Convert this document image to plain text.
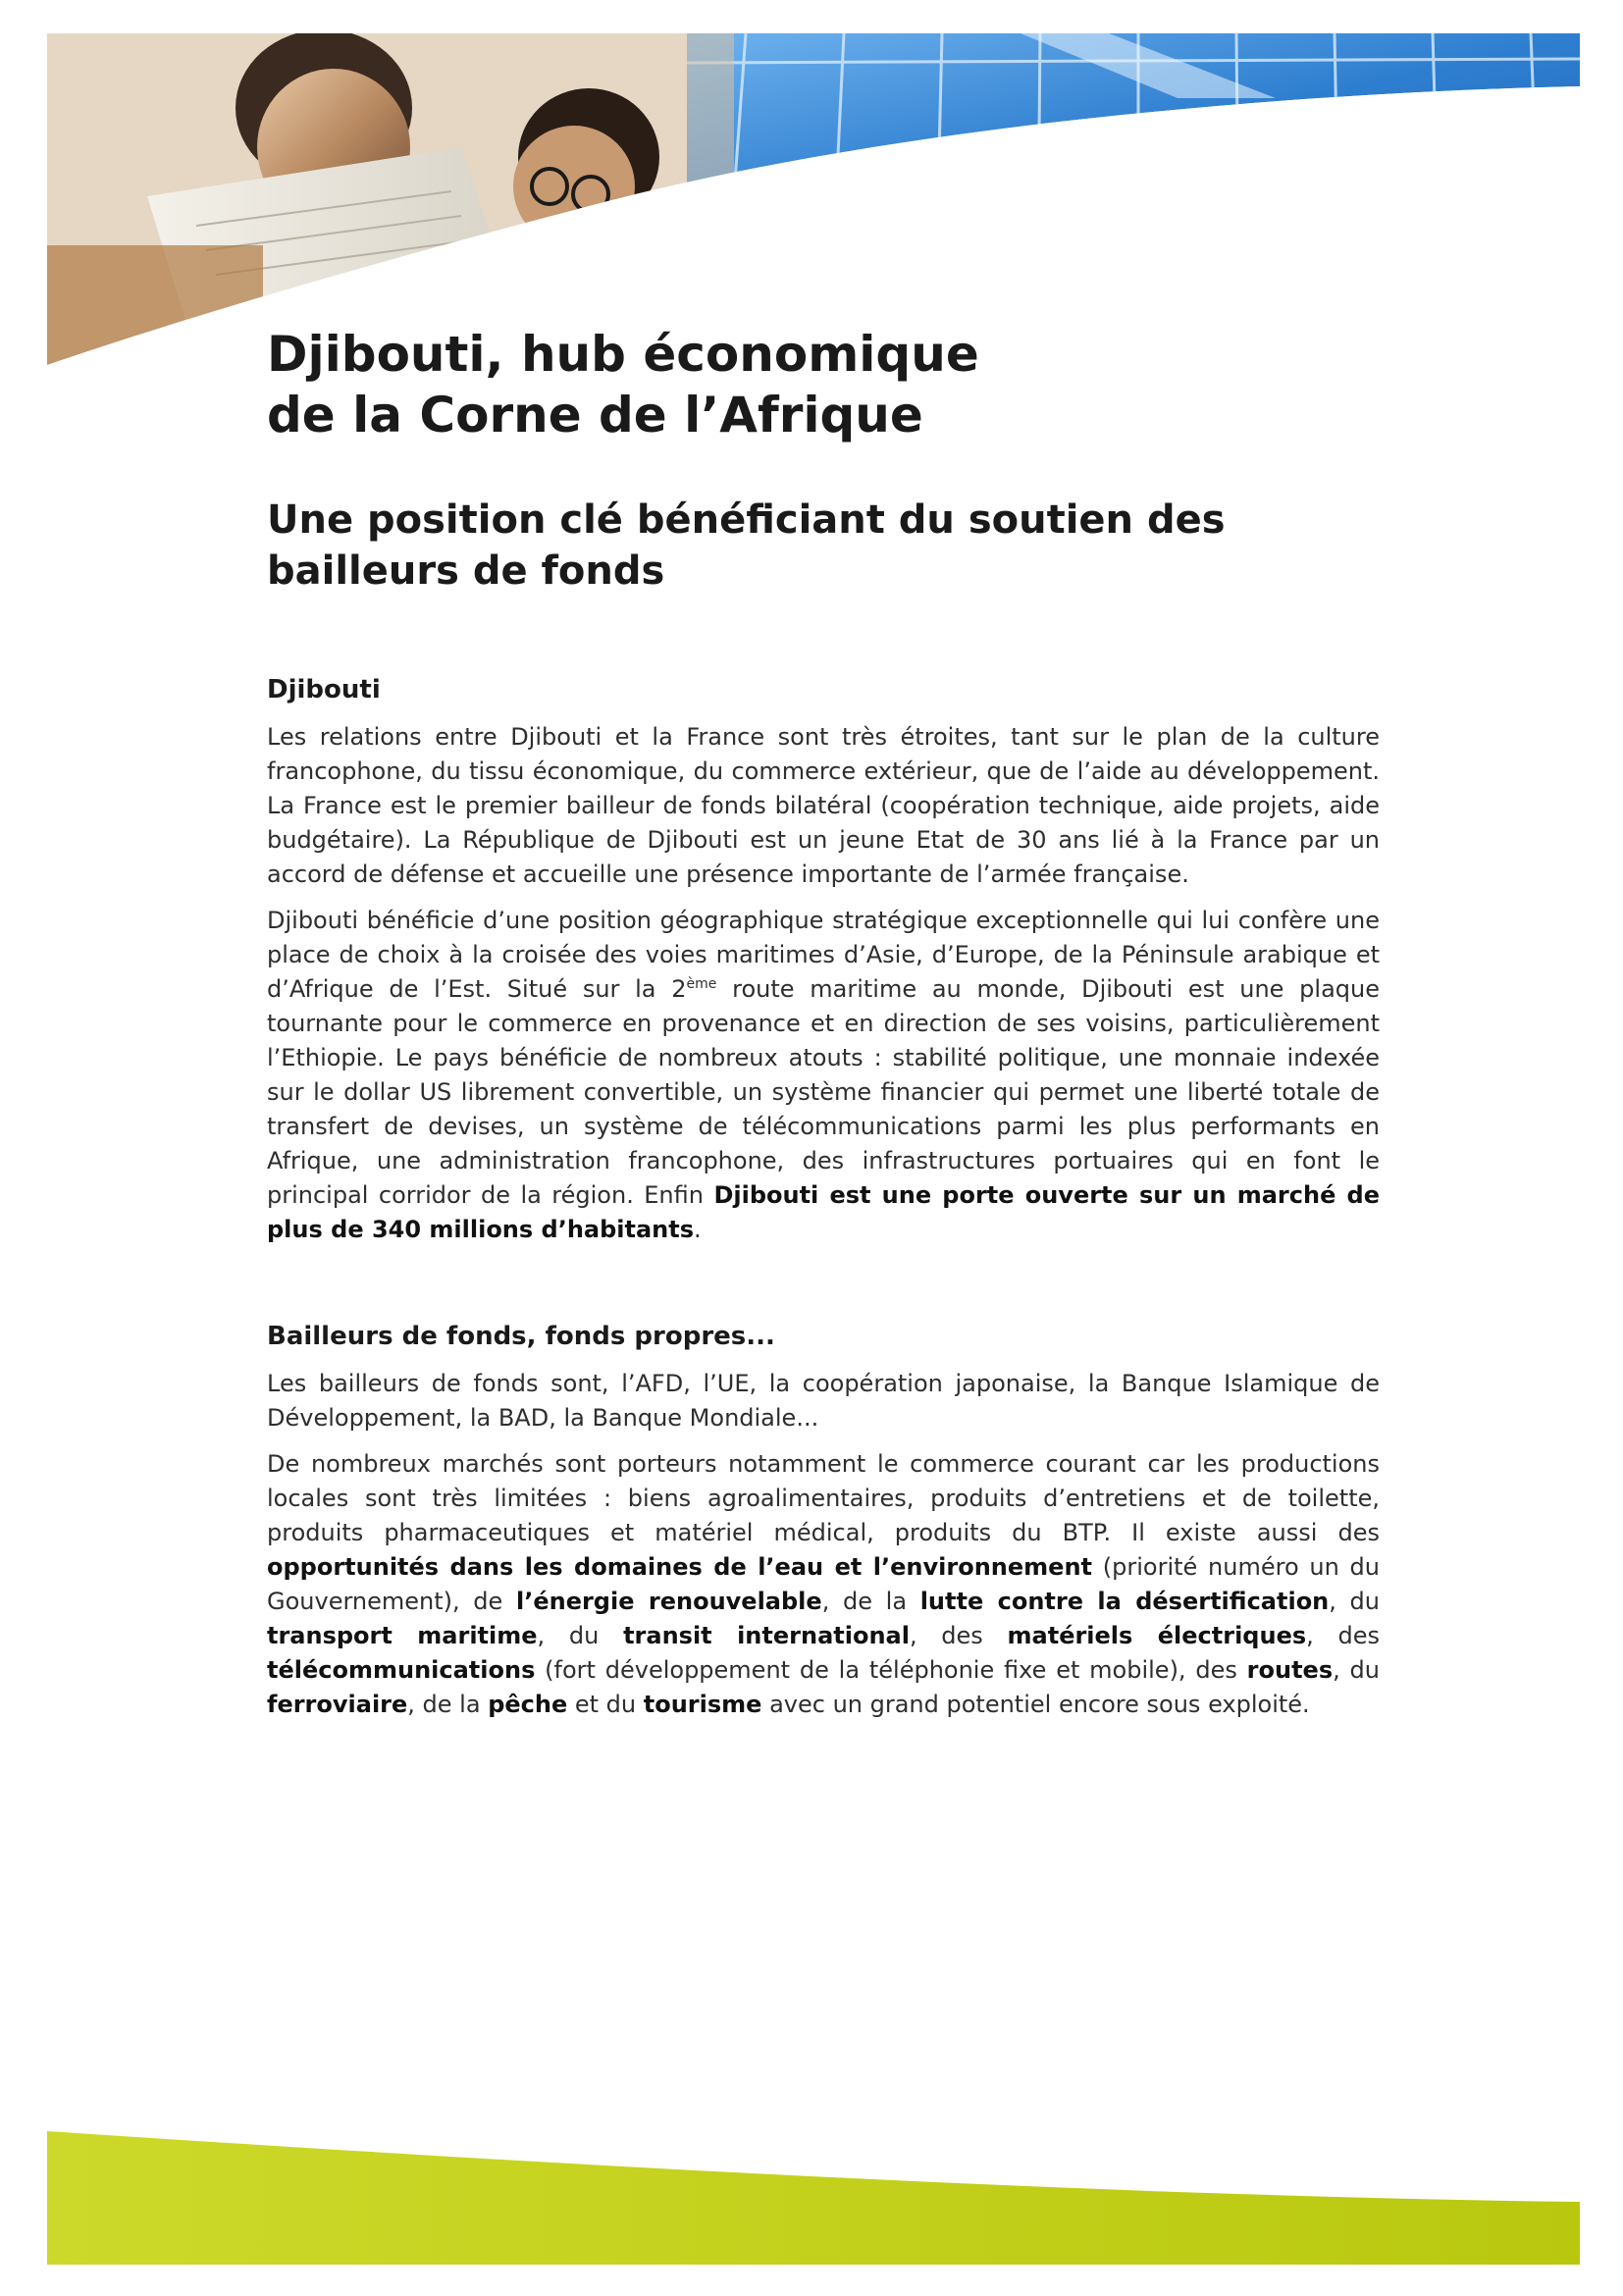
Djibouti, hub économique
de la Corne de l’Afrique
Une position clé bénéficiant du soutien des bailleurs de fonds
Djibouti

Les relations entre Djibouti et la France sont très étroites, tant sur le plan de la culture francophone, du tissu économique, du commerce extérieur, que de l’aide au développement. La France est le premier bailleur de fonds bilatéral (coopération technique, aide projets, aide budgétaire). La République de Djibouti est un jeune Etat de 30 ans lié à la France par un accord de défense et accueille une présence importante de l’armée française.

Djibouti bénéficie d’une position géographique stratégique exceptionnelle qui lui confère une place de choix à la croisée des voies maritimes d’Asie, d’Europe, de la Péninsule arabique et d’Afrique de l’Est. Situé sur la 2ème route maritime au monde, Djibouti est une plaque tournante pour le commerce en provenance et en direction de ses voisins, particulièrement l’Ethiopie. Le pays bénéficie de nombreux atouts : stabilité politique, une monnaie indexée sur le dollar US librement convertible, un système financier qui permet une liberté totale de transfert de devises, un système de télécommunications parmi les plus performants en Afrique, une administration francophone, des infrastructures portuaires qui en font le principal corridor de la région. Enfin Djibouti est une porte ouverte sur un marché de plus de 340 millions d’habitants.

Bailleurs de fonds, fonds propres...

Les bailleurs de fonds sont, l’AFD, l’UE, la coopération japonaise, la Banque Islamique de Développement, la BAD, la Banque Mondiale...

De nombreux marchés sont porteurs notamment le commerce courant car les productions locales sont très limitées : biens agroalimentaires, produits d’entretiens et de toilette, produits pharmaceutiques et matériel médical, produits du BTP. Il existe aussi des opportunités dans les domaines de l’eau et l’environnement (priorité numéro un du Gouvernement), de l’énergie renouvelable, de la lutte contre la désertification, du transport maritime, du transit international, des matériels électriques, des télécommunications (fort développement de la téléphonie fixe et mobile), des routes, du ferroviaire, de la pêche et du tourisme avec un grand potentiel encore sous exploité.
